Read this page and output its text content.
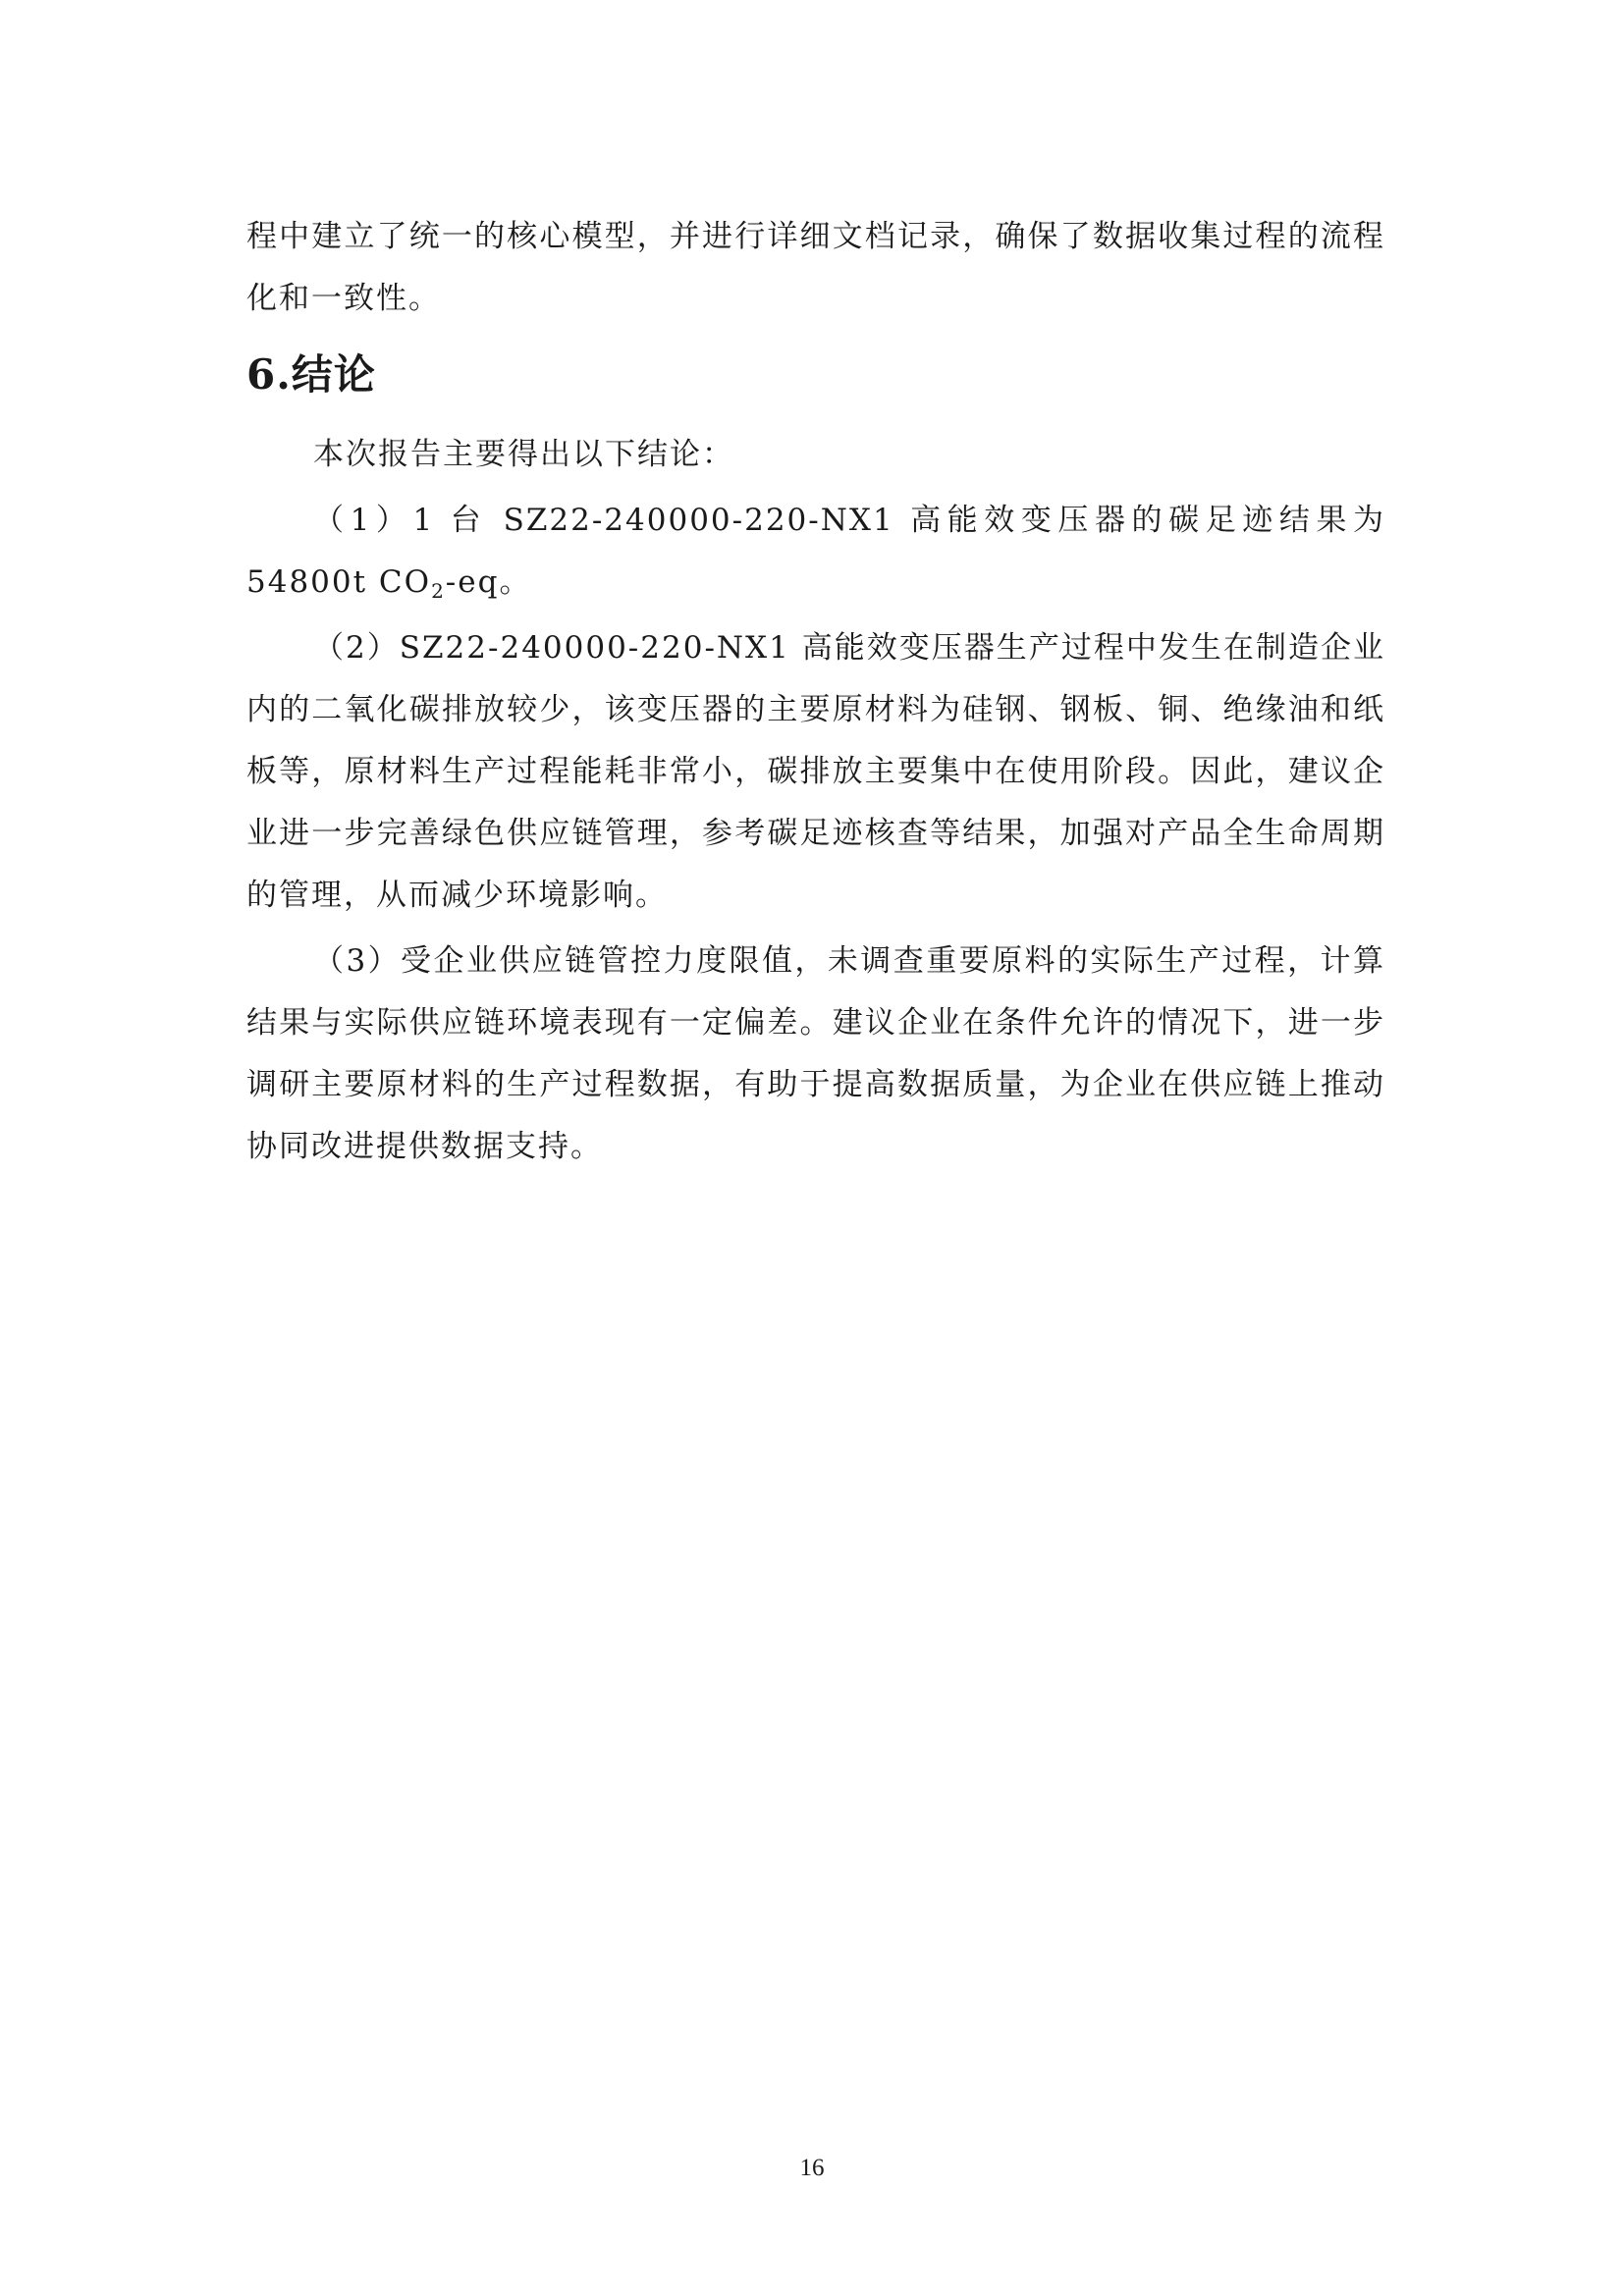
程中建立了统一的核心模型，并进行详细文档记录，确保了数据收集过程的流程化和一致性。

6.结论

本次报告主要得出以下结论：

（1）1 台 SZ22-240000-220-NX1 高能效变压器的碳足迹结果为 54800t $CO_2-eq$。

（2）SZ22-240000-220-NX1 高能效变压器生产过程中发生在制造企业内的二氧化碳排放较少，该变压器的主要原材料为硅钢、钢板、铜、绝缘油和纸板等，原材料生产过程能耗非常小，碳排放主要集中在使用阶段。因此，建议企业进一步完善绿色供应链管理，参考碳足迹核查等结果，加强对产品全生命周期的管理，从而减少环境影响。

（3）受企业供应链管控力度限值，未调查重要原料的实际生产过程，计算结果与实际供应链环境表现有一定偏差。建议企业在条件允许的情况下，进一步调研主要原材料的生产过程数据，有助于提高数据质量，为企业在供应链上推动协同改进提供数据支持。

16
